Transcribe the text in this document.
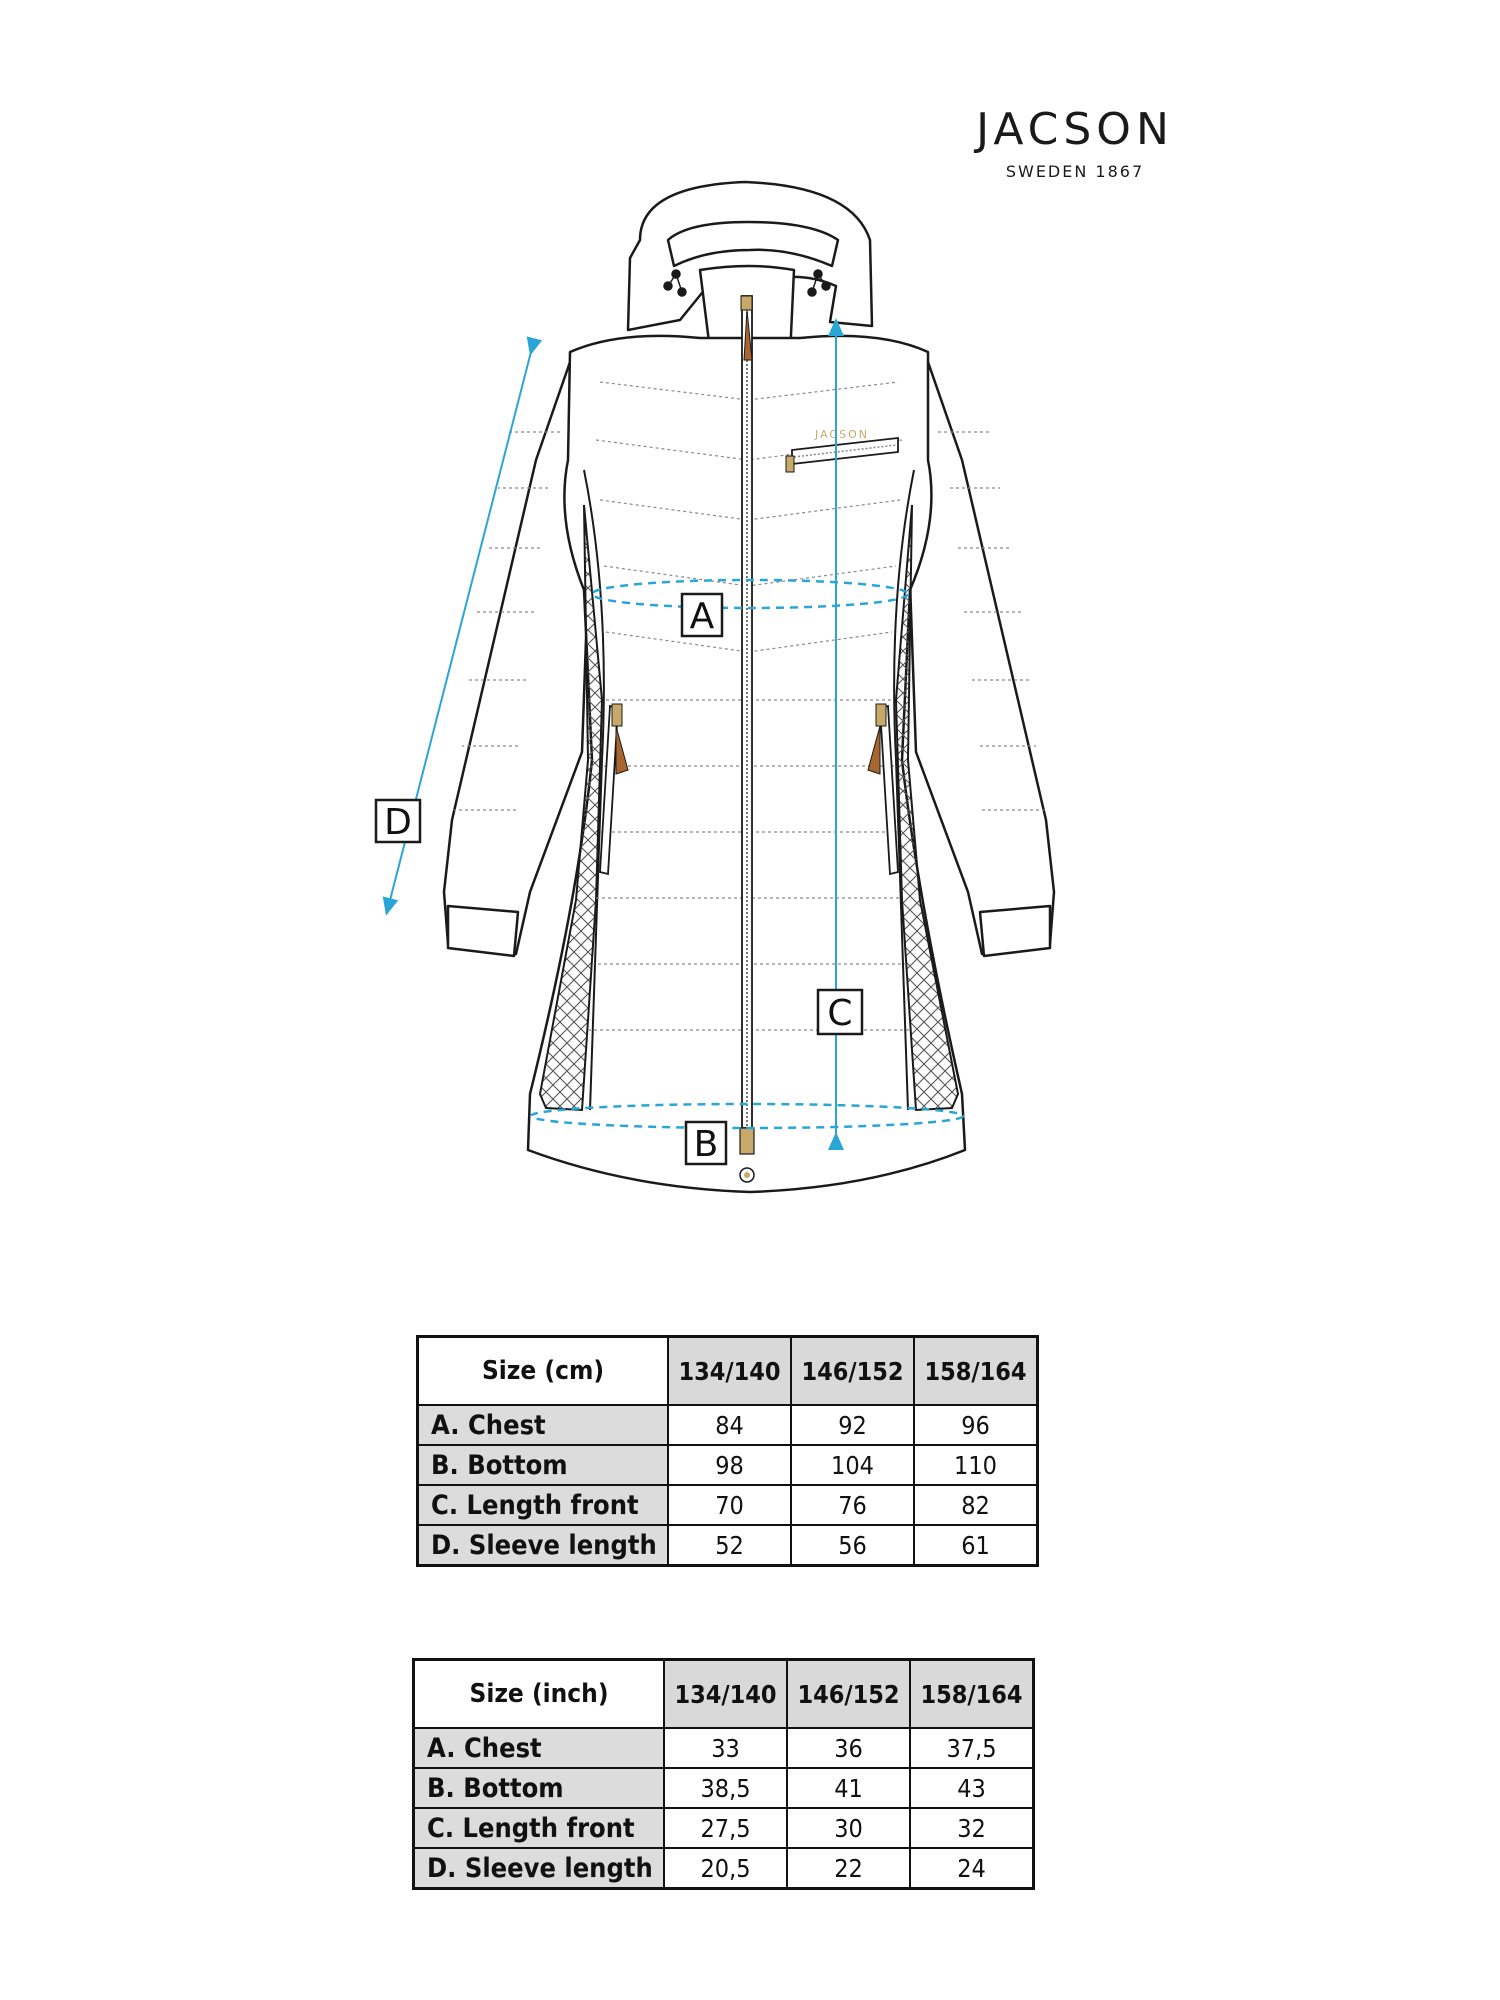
JACSON
SWEDEN 1867
JACSON
A
B
C
D
Size (cm)	134/140	146/152	158/164
A. Chest	84	92	96
B. Bottom	98	104	110
C. Length front	70	76	82
D. Sleeve length	52	56	61
Size (inch)	134/140	146/152	158/164
A. Chest	33	36	37,5
B. Bottom	38,5	41	43
C. Length front	27,5	30	32
D. Sleeve length	20,5	22	24
